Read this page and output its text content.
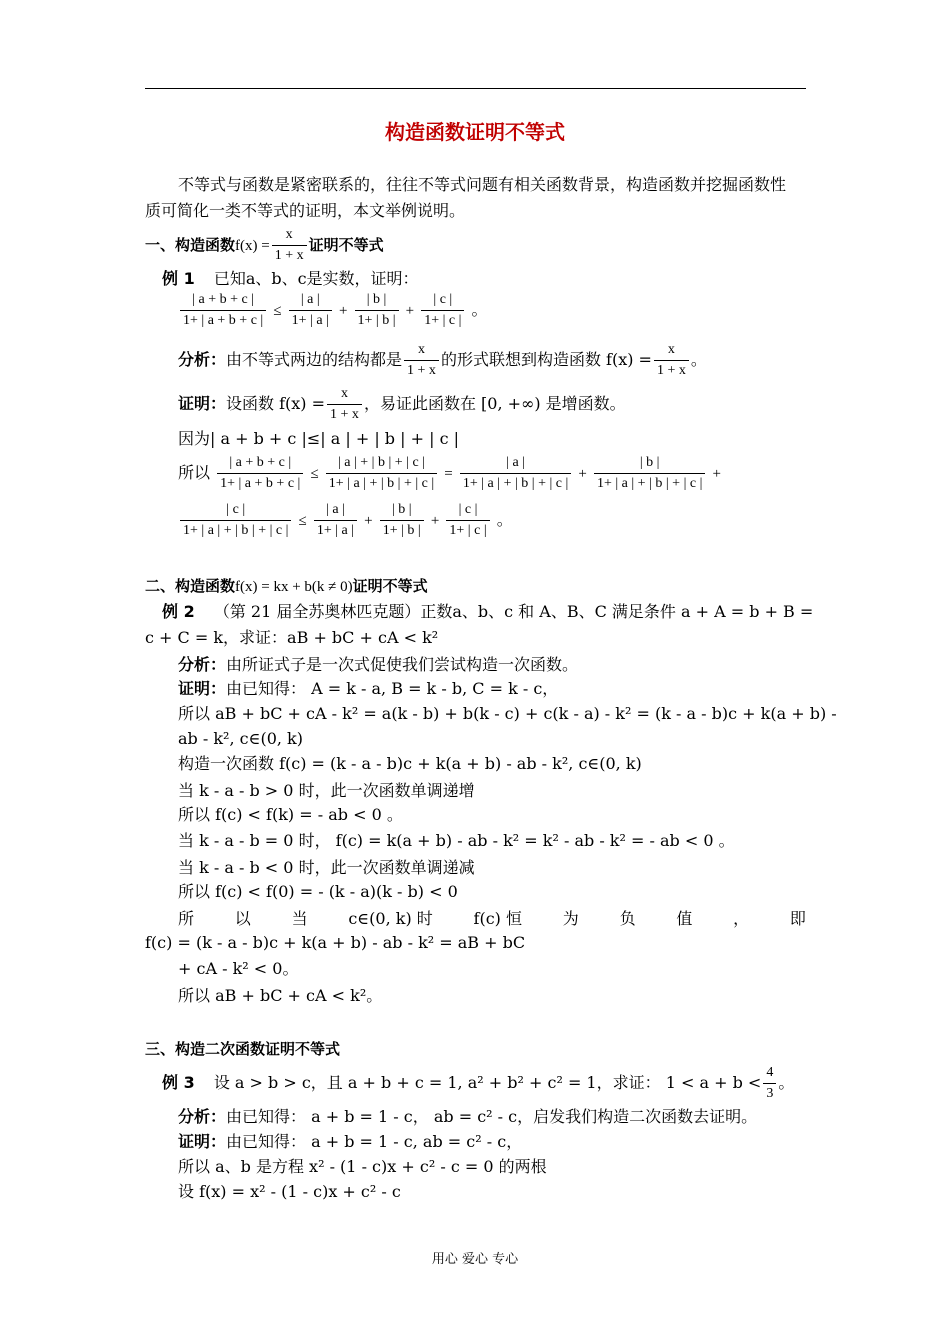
构造函数证明不等式
不等式与函数是紧密联系的，往往不等式问题有相关函数背景，构造函数并挖掘函数性
质可简化一类不等式的证明，本文举例说明。
一、构造函数$f(x) = \frac{x}{1 + x}$ 证明不等式
例 1 已知a、b、c是实数，证明：
$\frac{| a + b + c |}{1+ | a + b + c |} \le \frac{| a |}{1+ | a |} + \frac{| b |}{1+ | b |} + \frac{| c |}{1+ | c |}$ 。
分析：由不等式两边的结构都是 $\frac{x}{1 + x}$ 的形式联想到构造函数 $f(x) = \frac{x}{1 + x}$ 。
证明：设函数 $f(x) = \frac{x}{1 + x}$ ，易证此函数在 [0, +∞) 是增函数。
因为| a + b + c |≤| a | + | b | + | c |
所以 $\frac{| a + b + c |}{1+ | a + b + c |} \le \frac{| a | + | b | + | c |}{1+ | a | + | b | + | c |} = \frac{| a |}{1+ | a | + | b | + | c |} + \frac{| b |}{1+ | a | + | b | + | c |}$ +
$\frac{| c |}{1+ | a | + | b | + | c |} \le \frac{| a |}{1+ | a |} + \frac{| b |}{1+ | b |} + \frac{| c |}{1+ | c |}$ 。
二、构造函数f(x) = kx + b(k ≠ 0)证明不等式
例 2 （第 21 届全苏奥林匹克题）正数a、b、c 和 A、B、C 满足条件 a + A = b + B =
c + C = k，求证：aB + bC + cA < k²
分析：由所证式子是一次式促使我们尝试构造一次函数。
证明：由已知得： A = k - a, B = k - b, C = k - c，
所以 aB + bC + cA - k² = a(k - b) + b(k - c) + c(k - a) - k² = (k - a - b)c + k(a + b) -
ab - k², c∈(0, k)
构造一次函数 f(c) = (k - a - b)c + k(a + b) - ab - k², c∈(0, k)
当 k - a - b > 0 时，此一次函数单调递增
所以 f(c) < f(k) = - ab < 0 。
当 k - a - b = 0 时， f(c) = k(a + b) - ab - k² = k² - ab - k² = - ab < 0 。
当 k - a - b < 0 时，此一次函数单调递减
所以 f(c) < f(0) = - (k - a)(k - b) < 0
所	以	当	c∈(0, k) 时	f(c) 恒	为	负	值	，	即
f(c) = (k - a - b)c + k(a + b) - ab - k² = aB + bC
+ cA - k² < 0。
所以 aB + bC + cA < k²。
三、构造二次函数证明不等式
例 3 设 a > b > c，且 a + b + c = 1, a² + b² + c² = 1，求证： $1 < a + b < \frac{4}{3}$ 。
分析：由已知得： a + b = 1 - c， ab = c² - c，启发我们构造二次函数去证明。
证明：由已知得： a + b = 1 - c, ab = c² - c，
所以 a、b 是方程 x² - (1 - c)x + c² - c = 0 的两根
设 f(x) = x² - (1 - c)x + c² - c
用心 爱心 专心
